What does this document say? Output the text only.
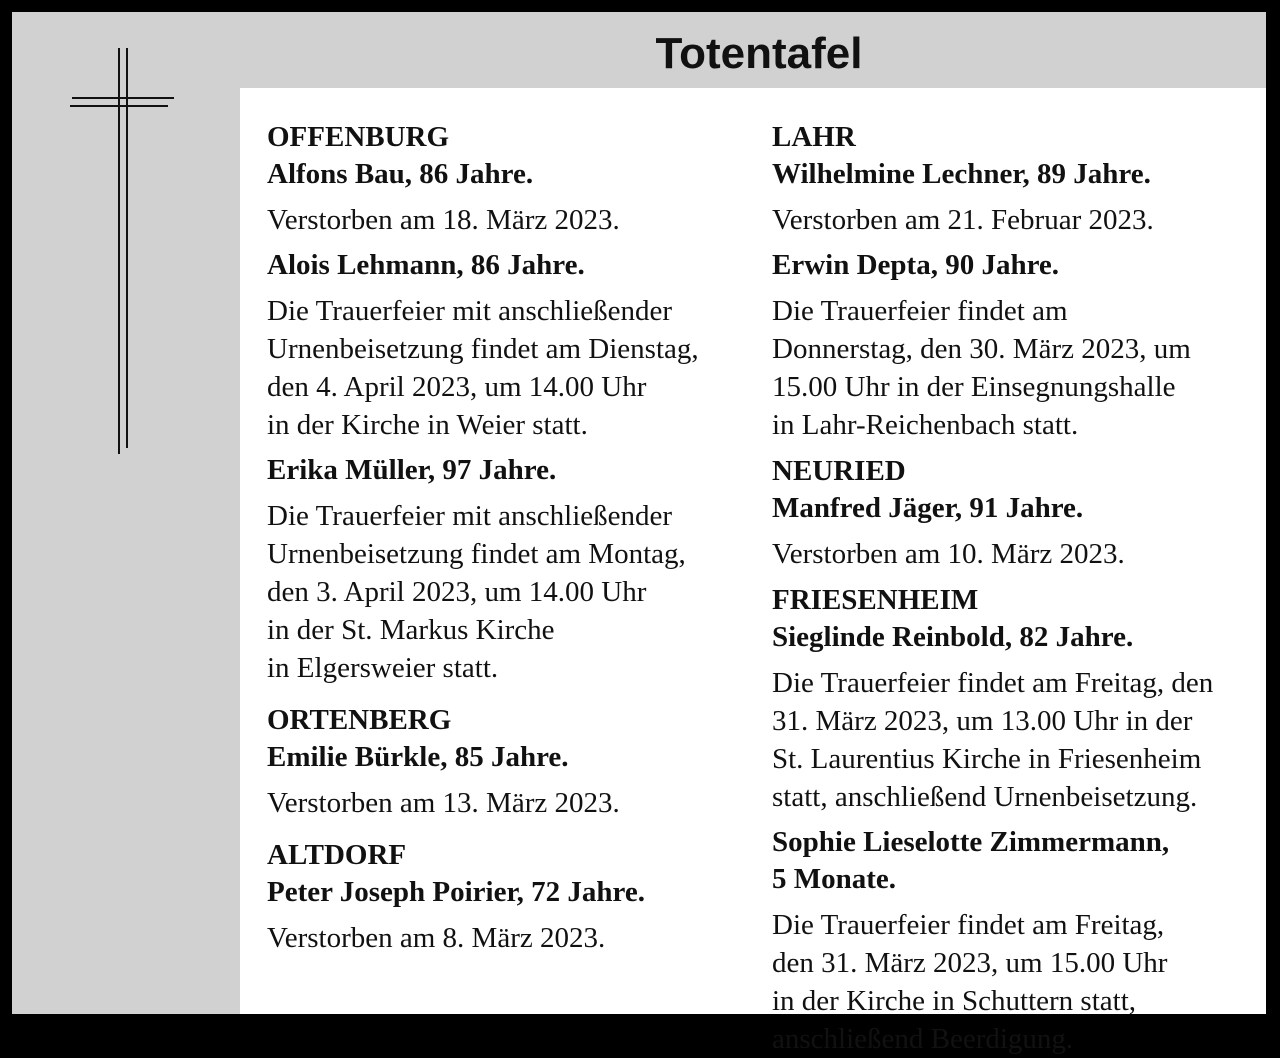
Totentafel

OFFENBURG

Alfons Bau, 86 Jahre.

Verstorben am 18. März 2023.

Alois Lehmann, 86 Jahre.

Die Trauerfeier mit anschließender

Urnenbeisetzung findet am Dienstag,

den 4. April 2023, um 14.00 Uhr

in der Kirche in Weier statt.

Erika Müller, 97 Jahre.

Die Trauerfeier mit anschließender

Urnenbeisetzung findet am Montag,

den 3. April 2023, um 14.00 Uhr

in der St. Markus Kirche

in Elgersweier statt.

ORTENBERG

Emilie Bürkle, 85 Jahre.

Verstorben am 13. März 2023.

ALTDORF

Peter Joseph Poirier, 72 Jahre.

Verstorben am 8. März 2023.

LAHR

Wilhelmine Lechner, 89 Jahre.

Verstorben am 21. Februar 2023.

Erwin Depta, 90 Jahre.

Die Trauerfeier findet am

Donnerstag, den 30. März 2023, um

15.00 Uhr in der Einsegnungshalle

in Lahr-Reichenbach statt.

NEURIED

Manfred Jäger, 91 Jahre.

Verstorben am 10. März 2023.

FRIESENHEIM

Sieglinde Reinbold, 82 Jahre.

Die Trauerfeier findet am Freitag, den

31. März 2023, um 13.00 Uhr in der

St. Laurentius Kirche in Friesenheim

statt, anschließend Urnenbeisetzung.

Sophie Lieselotte Zimmermann,

5 Monate.

Die Trauerfeier findet am Freitag,

den 31. März 2023, um 15.00 Uhr

in der Kirche in Schuttern statt,

anschließend Beerdigung.
